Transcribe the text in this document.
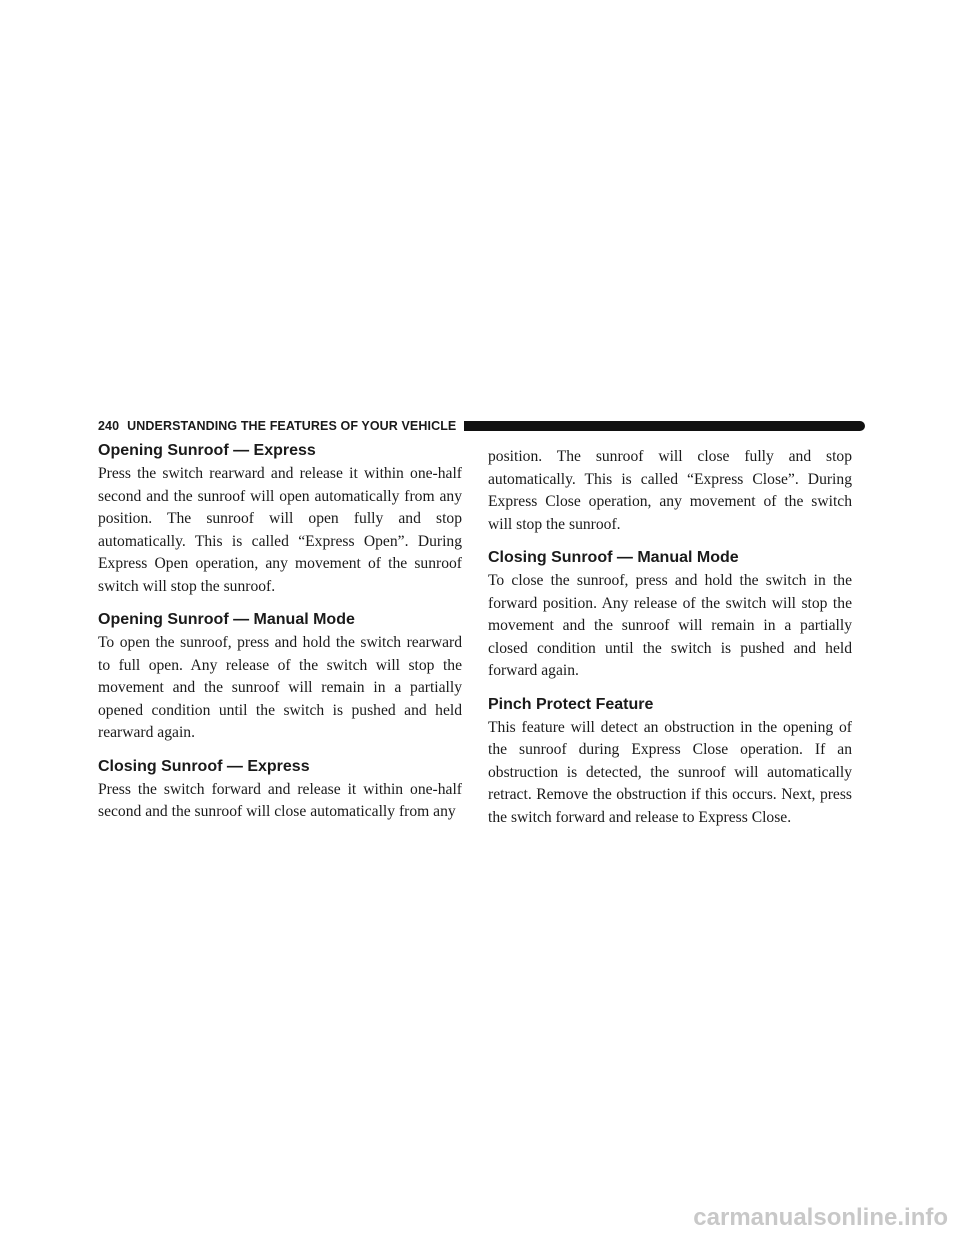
240 UNDERSTANDING THE FEATURES OF YOUR VEHICLE
Opening Sunroof — Express

Press the switch rearward and release it within one-half second and the sunroof will open automatically from any position. The sunroof will open fully and stop automatically. This is called “Express Open”. During Express Open operation, any movement of the sunroof switch will stop the sunroof.

Opening Sunroof — Manual Mode

To open the sunroof, press and hold the switch rearward to full open. Any release of the switch will stop the movement and the sunroof will remain in a partially opened condition until the switch is pushed and held rearward again.

Closing Sunroof — Express

Press the switch forward and release it within one-half second and the sunroof will close automatically from any

position. The sunroof will close fully and stop automatically. This is called “Express Close”. During Express Close operation, any movement of the switch will stop the sunroof.

Closing Sunroof — Manual Mode

To close the sunroof, press and hold the switch in the forward position. Any release of the switch will stop the movement and the sunroof will remain in a partially closed condition until the switch is pushed and held forward again.

Pinch Protect Feature

This feature will detect an obstruction in the opening of the sunroof during Express Close operation. If an obstruction is detected, the sunroof will automatically retract. Remove the obstruction if this occurs. Next, press the switch forward and release to Express Close.

carmanualsonline.info
